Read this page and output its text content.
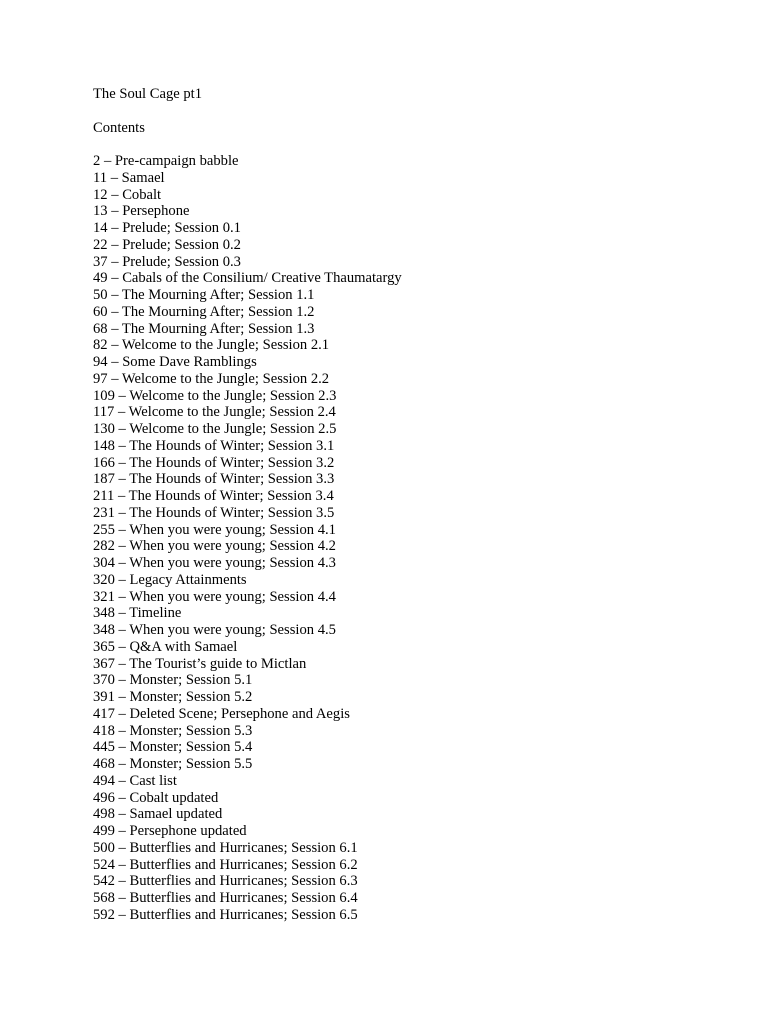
The Soul Cage pt1

Contents

2 – Pre-campaign babble
11 – Samael
12 – Cobalt
13 – Persephone
14 – Prelude; Session 0.1
22 – Prelude; Session 0.2
37 – Prelude; Session 0.3
49 – Cabals of the Consilium/ Creative Thaumatargy
50 – The Mourning After; Session 1.1
60 – The Mourning After; Session 1.2
68 – The Mourning After; Session 1.3
82 – Welcome to the Jungle; Session 2.1
94 – Some Dave Ramblings
97 – Welcome to the Jungle; Session 2.2
109 – Welcome to the Jungle; Session 2.3
117 – Welcome to the Jungle; Session 2.4
130 – Welcome to the Jungle; Session 2.5
148 – The Hounds of Winter; Session 3.1
166 – The Hounds of Winter; Session 3.2
187 – The Hounds of Winter; Session 3.3
211 – The Hounds of Winter; Session 3.4
231 – The Hounds of Winter; Session 3.5
255 – When you were young; Session 4.1
282 – When you were young; Session 4.2
304 – When you were young; Session 4.3
320 – Legacy Attainments
321 – When you were young; Session 4.4
348 – Timeline
348 – When you were young; Session 4.5
365 – Q&A with Samael
367 – The Tourist’s guide to Mictlan
370 – Monster; Session 5.1
391 – Monster; Session 5.2
417 – Deleted Scene; Persephone and Aegis
418 – Monster; Session 5.3
445 – Monster; Session 5.4
468 – Monster; Session 5.5
494 – Cast list
496 – Cobalt updated
498 – Samael updated
499 – Persephone updated
500 – Butterflies and Hurricanes; Session 6.1
524 – Butterflies and Hurricanes; Session 6.2
542 – Butterflies and Hurricanes; Session 6.3
568 – Butterflies and Hurricanes; Session 6.4
592 – Butterflies and Hurricanes; Session 6.5
